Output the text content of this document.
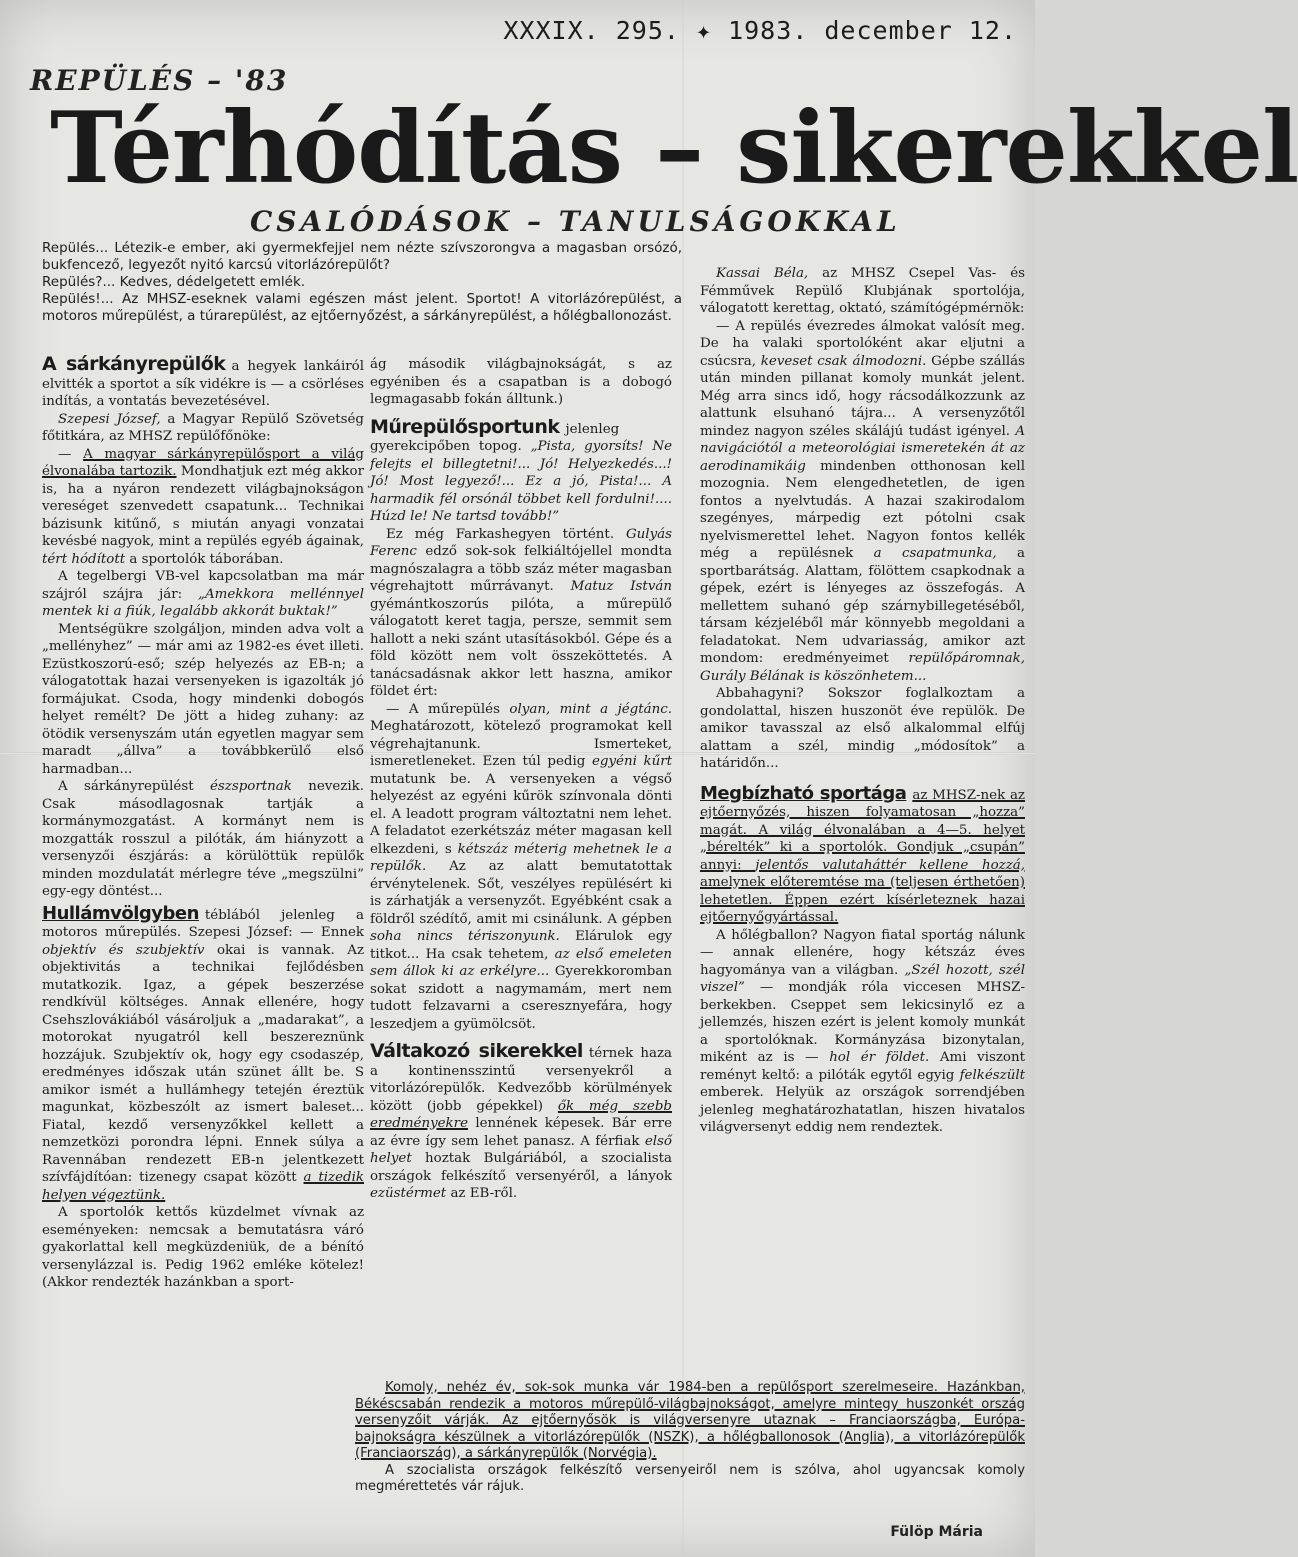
XXXIX. 295. ✦ 1983. december 12.
REPÜLÉS – '83
Térhódítás – sikerekkel
CSALÓDÁSOK – TANULSÁGOKKAL

Repülés... Létezik-e ember, aki gyermekfejjel nem nézte szívszorongva a magasban orsózó, bukfencező, legyezőt nyitó karcsú vitorlázórepülőt?

Repülés?... Kedves, dédelgetett emlék.

Repülés!... Az MHSZ-eseknek valami egészen mást jelent. Sportot! A vitorlázórepülést, a motoros műrepülést, a túrarepülést, az ejtőernyőzést, a sárkányrepülést, a hőlégballonozást.

A sárkányrepülők a hegyek lankáiról elvitték a sportot a sík vidékre is — a csörléses indítás, a vontatás bevezetésével.

Szepesi József, a Magyar Repülő Szövetség főtitkára, az MHSZ repülőfőnöke:

— A magyar sárkányrepülősport a világ élvonalába tartozik. Mondhatjuk ezt még akkor is, ha a nyáron rendezett világbajnokságon vereséget szenvedett csapatunk... Technikai bázisunk kitűnő, s miután anyagi vonzatai kevésbé nagyok, mint a repülés egyéb ágainak, tért hódított a sportolók táborában.

A tegelbergi VB-vel kapcsolatban ma már szájról szájra jár: „Amekkora mellénnyel mentek ki a fiúk, legalább akkorát buktak!”

Mentségükre szolgáljon, minden adva volt a „mellényhez” — már ami az 1982-es évet illeti. Ezüstkoszorú-eső; szép helyezés az EB-n; a válogatottak hazai versenyeken is igazolták jó formájukat. Csoda, hogy mindenki dobogós helyet remélt? De jött a hideg zuhany: az ötödik versenyszám után egyetlen magyar sem maradt „állva” a továbbkerülő első harmadban...

A sárkányrepülést észsportnak nevezik. Csak másodlagosnak tartják a kormánymozgatást. A kormányt nem is mozgatták rosszul a pilóták, ám hiányzott a versenyzői észjárás: a körülöttük repülők minden mozdulatát mérlegre téve „megszülni” egy-egy döntést...

Hullámvölgyben téblából jelenleg a motoros műrepülés. Szepesi József: — Ennek objektív és szubjektív okai is vannak. Az objektivitás a technikai fejlődésben mutatkozik. Igaz, a gépek beszerzése rendkívül költséges. Annak ellenére, hogy Csehszlovákiából vásároljuk a „madarakat”, a motorokat nyugatról kell beszereznünk hozzájuk. Szubjektív ok, hogy egy csodaszép, eredményes időszak után szünet állt be. S amikor ismét a hullámhegy tetején éreztük magunkat, közbeszólt az ismert baleset... Fiatal, kezdő versenyzőkkel kellett a nemzetközi porondra lépni. Ennek súlya a Ravennában rendezett EB-n jelentkezett szívfájdítóan: tizenegy csapat között a tizedik helyen végeztünk.

A sportolók kettős küzdelmet vívnak az eseményeken: nemcsak a bemutatásra váró gyakorlattal kell megküzdeniük, de a bénító versenylázzal is. Pedig 1962 emléke kötelez! (Akkor rendezték hazánkban a sport-

ág második világbajnokságát, s az egyéniben és a csapatban is a dobogó legmagasabb fokán álltunk.)

Műrepülősportunk jelenleg gyerekcipőben topog. „Pista, gyorsíts! Ne felejts el billegtetni!... Jó! Helyezkedés...! Jó! Most legyező!... Ez a jó, Pista!... A harmadik fél orsónál többet kell fordulni!.... Húzd le! Ne tartsd tovább!”

Ez még Farkashegyen történt. Gulyás Ferenc edző sok-sok felkiáltójellel mondta magnószalagra a több száz méter magasban végrehajtott műrrávanyt. Matuz István gyémántkoszorús pilóta, a műrepülő válogatott keret tagja, persze, semmit sem hallott a neki szánt utasításokból. Gépe és a föld között nem volt összeköttetés. A tanácsadásnak akkor lett haszna, amikor földet ért:

— A műrepülés olyan, mint a jégtánc. Meghatározott, kötelező programokat kell végrehajtanunk. Ismerteket, ismeretleneket. Ezen túl pedig egyéni kűrt mutatunk be. A versenyeken a végső helyezést az egyéni kűrök színvonala dönti el. A leadott program változtatni nem lehet. A feladatot ezerkétszáz méter magasan kell elkezdeni, s kétszáz méterig mehetnek le a repülők. Az az alatt bemutatottak érvénytelenek. Sőt, veszélyes repülésért ki is zárhatják a versenyzőt. Egyébként csak a földről szédítő, amit mi csinálunk. A gépben soha nincs tériszonyunk. Elárulok egy titkot... Ha csak tehetem, az első emeleten sem állok ki az erkélyre... Gyerekkoromban sokat szidott a nagymamám, mert nem tudott felzavarni a cseresznyefára, hogy leszedjem a gyümölcsöt.

Váltakozó sikerekkel térnek haza a kontinensszintű versenyekről a vitorlázórepülők. Kedvezőbb körülmények között (jobb gépekkel) ők még szebb eredményekre lennének képesek. Bár erre az évre így sem lehet panasz. A férfiak első helyet hoztak Bulgáriából, a szocialista országok felkészítő versenyéről, a lányok ezüstérmet az EB-ről.

Kassai Béla, az MHSZ Csepel Vas- és Fémművek Repülő Klubjának sportolója, válogatott kerettag, oktató, számítógépmérnök:

— A repülés évezredes álmokat valósít meg. De ha valaki sportolóként akar eljutni a csúcsra, keveset csak álmodozni. Gépbe szállás után minden pillanat komoly munkát jelent. Még arra sincs idő, hogy rácsodálkozzunk az alattunk elsuhanó tájra... A versenyzőtől mindez nagyon széles skálájú tudást igényel. A navigációtól a meteorológiai ismeretekén át az aerodinamikáig mindenben otthonosan kell mozognia. Nem elengedhetetlen, de igen fontos a nyelvtudás. A hazai szakirodalom szegényes, márpedig ezt pótolni csak nyelvismerettel lehet. Nagyon fontos kellék még a repülésnek a csapatmunka, a sportbarátság. Alattam, fölöttem csapkodnak a gépek, ezért is lényeges az összefogás. A mellettem suhanó gép szárnybillegetéséből, társam kézjeléből már könnyebb megoldani a feladatokat. Nem udvariasság, amikor azt mondom: eredményeimet repülőpáromnak, Gurály Bélának is köszönhetem...

Abbahagyni? Sokszor foglalkoztam a gondolattal, hiszen huszonöt éve repülök. De amikor tavasszal az első alkalommal elfúj alattam a szél, mindig „módosítok” a határidőn...

Megbízható sportága az MHSZ-nek az ejtőernyőzés, hiszen folyamatosan „hozza” magát. A világ élvonalában a 4—5. helyet „bérelték” ki a sportolók. Gondjuk „csupán” annyi: jelentős valutaháttér kellene hozzá, amelynek előteremtése ma (teljesen érthetően) lehetetlen. Éppen ezért kísérleteznek hazai ejtőernyőgyártással.

A hőlégballon? Nagyon fiatal sportág nálunk — annak ellenére, hogy kétszáz éves hagyománya van a világban. „Szél hozott, szél viszel” — mondják róla viccesen MHSZ-berkekben. Cseppet sem lekicsinylő ez a jellemzés, hiszen ezért is jelent komoly munkát a sportolóknak. Kormányzása bizonytalan, miként az is — hol ér földet. Ami viszont reményt keltő: a pilóták egytől egyig felkészült emberek. Helyük az országok sorrendjében jelenleg meghatározhatatlan, hiszen hivatalos világversenyt eddig nem rendeztek.

Komoly, nehéz év, sok-sok munka vár 1984-ben a repülősport szerelmeseire. Hazánkban, Békéscsabán rendezik a motoros műrepülő-világbajnokságot, amelyre mintegy huszonkét ország versenyzőit várják. Az ejtőernyősök is világversenyre utaznak – Franciaországba, Európa-bajnokságra készülnek a vitorlázórepülők (NSZK), a hőlégballonosok (Anglia), a vitorlázórepülők (Franciaország), a sárkányrepülők (Norvégia).

A szocialista országok felkészítő versenyeiről nem is szólva, ahol ugyancsak komoly megmérettetés vár rájuk.

Fülöp Mária
